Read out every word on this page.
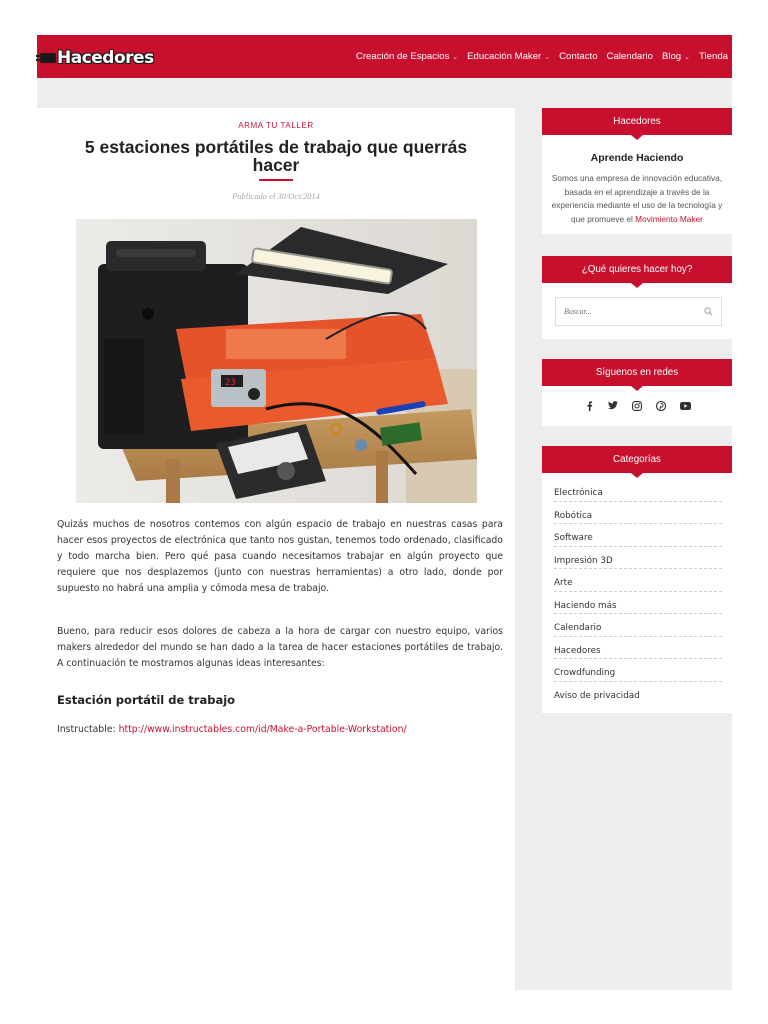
Hacedores	Creación de Espacios ⌄ Educación Maker ⌄ Contacto Calendario Blog ⌄ Tienda
ARMA TU TALLER
5 estaciones portátiles de trabajo que querrás hacer
Publicado el 30/Oct/2014
23

Quizás muchos de nosotros contemos con algún espacio de trabajo en nuestras casas para hacer esos proyectos de electrónica que tanto nos gustan, tenemos todo ordenado, clasificado y todo marcha bien. Pero qué pasa cuando necesitamos trabajar en algún proyecto que requiere que nos desplazemos (junto con nuestras herramientas) a otro lado, donde por supuesto no habrá una amplia y cómoda mesa de trabajo.

Bueno, para reducir esos dolores de cabeza a la hora de cargar con nuestro equipo, varios makers alrededor del mundo se han dado a la tarea de hacer estaciones portátiles de trabajo. A continuación te mostramos algunas ideas interesantes:

Estación portátil de trabajo
Instructable: http://www.instructables.com/id/Make-a-Portable-Workstation/
Hacedores
Aprende Haciendo
Somos una empresa de innovación educativa, basada en el aprendizaje a través de la experiencia mediante el uso de la tecnología y que promueve el Movimiento Maker
¿Qué quieres hacer hoy?
Buscar...
Síguenos en redes
Categorías
Electrónica
Robótica
Software
Impresión 3D
Arte
Haciendo más
Calendario
Hacedores
Crowdfunding
Aviso de privacidad
